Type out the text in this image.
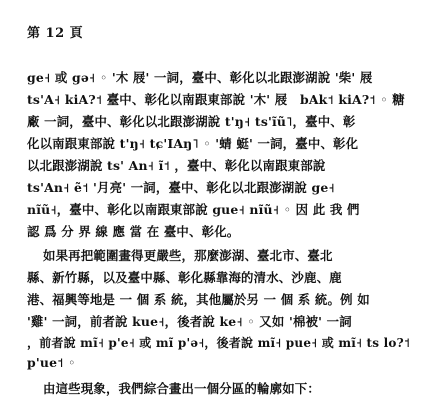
第 12 頁
ge˧ 或 gə˧ ◦ '木 屐' 一詞，臺中、彰化以北跟澎湖說 '柴' 屐
ts'A˧ kiA?˦ 臺中、彰化以南跟東部說 '木' 屐　bAk˦ kiA?˦ ◦ 糖
廠 一詞，臺中、彰化以北跟澎湖說 t'ŋ˧ ts'ĩũ˥，臺中、彰
化以南跟東部說 t'ŋ˧ tɕ'IAŋ˥ ◦ '蜻 蜓' 一詞，臺中、彰化
以北跟澎湖說 ts' An˧ ĩ˦ ，臺中、彰化以南跟東部說
ts'An˧ ẽ˦ '月亮' 一詞，臺中、彰化以北跟澎湖說 ge˧
nĩũ˧，臺中、彰化以南跟東部說 gue˧ nĩũ˧ ◦ 因 此 我 們
認 爲 分 界 線 應 當 在 臺中、彰化。
如果再把範圍畫得更嚴些，那麼澎湖、臺北市、臺北
縣、新竹縣，以及臺中縣、彰化縣靠海的清水、沙鹿、鹿
港、福興等地是 一 個 系 統，其他屬於另 一 個 系 統。例 如
'雞' 一詞，前者說 kue˧，後者說 ke˧ ◦ 又如 '棉被' 一詞
，前者說 mĩ˧ p'e˧ 或 mĩ p'ə˧，後者說 mĩ˧ pue˧ 或 mĩ˧ ts lo?˦
p'ue˦ ◦
由這些現象，我們綜合畫出一個分區的輪廓如下：
